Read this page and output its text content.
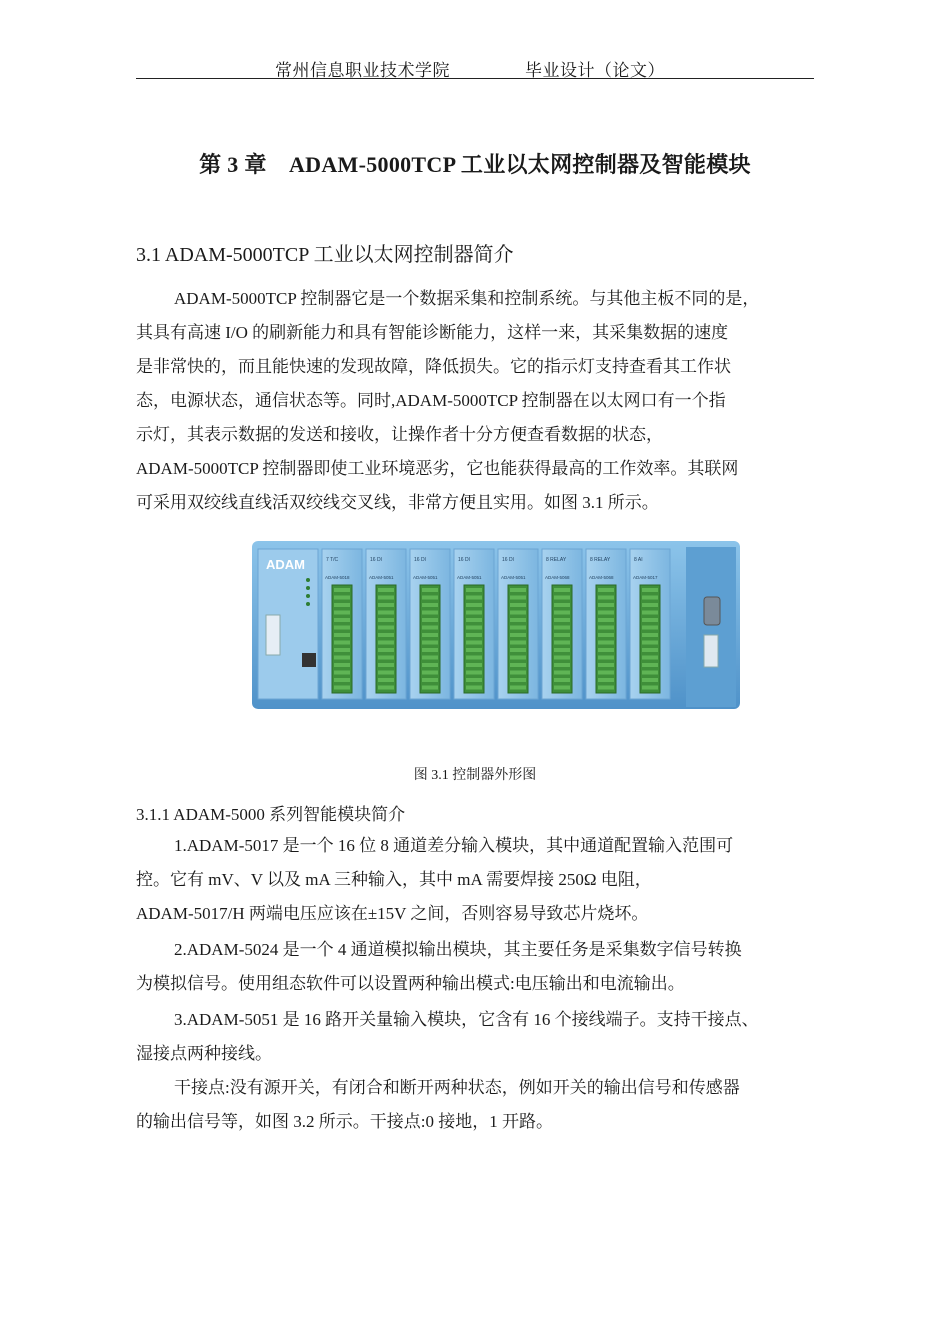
常州信息职业技术学院	毕业设计（论文）
第 3 章　ADAM-5000TCP 工业以太网控制器及智能模块
3.1 ADAM-5000TCP 工业以太网控制器简介
ADAM-5000TCP 控制器它是一个数据采集和控制系统。与其他主板不同的是，
其具有高速 I/O 的刷新能力和具有智能诊断能力，这样一来，其采集数据的速度
是非常快的，而且能快速的发现故障，降低损失。它的指示灯支持查看其工作状
态，电源状态，通信状态等。同时,ADAM-5000TCP 控制器在以太网口有一个指
示灯，其表示数据的发送和接收，让操作者十分方便查看数据的状态，
ADAM-5000TCP 控制器即使工业环境恶劣，它也能获得最高的工作效率。其联网
可采用双绞线直线活双绞线交叉线，非常方便且实用。如图 3.1 所示。
ADAM	7 T/C
ADAM-5018
16 DI
ADAM-5051
16 DI
ADAM-5051
16 DI
ADAM-5051
16 DI
ADAM-5051
8 RELAY
ADAM-5068
8 RELAY
ADAM-5068
8 AI
ADAM-5017
图 3.1 控制器外形图
3.1.1 ADAM-5000 系列智能模块简介
1.ADAM-5017 是一个 16 位 8 通道差分输入模块，其中通道配置输入范围可
控。它有 mV、V 以及 mA 三种输入，其中 mA 需要焊接 250Ω 电阻，
ADAM-5017/H 两端电压应该在±15V 之间，否则容易导致芯片烧坏。
2.ADAM-5024 是一个 4 通道模拟输出模块，其主要任务是采集数字信号转换
为模拟信号。使用组态软件可以设置两种输出模式:电压输出和电流输出。
3.ADAM-5051 是 16 路开关量输入模块，它含有 16 个接线端子。支持干接点、
湿接点两种接线。
干接点:没有源开关，有闭合和断开两种状态，例如开关的输出信号和传感器
的输出信号等，如图 3.2 所示。干接点:0 接地，1 开路。
